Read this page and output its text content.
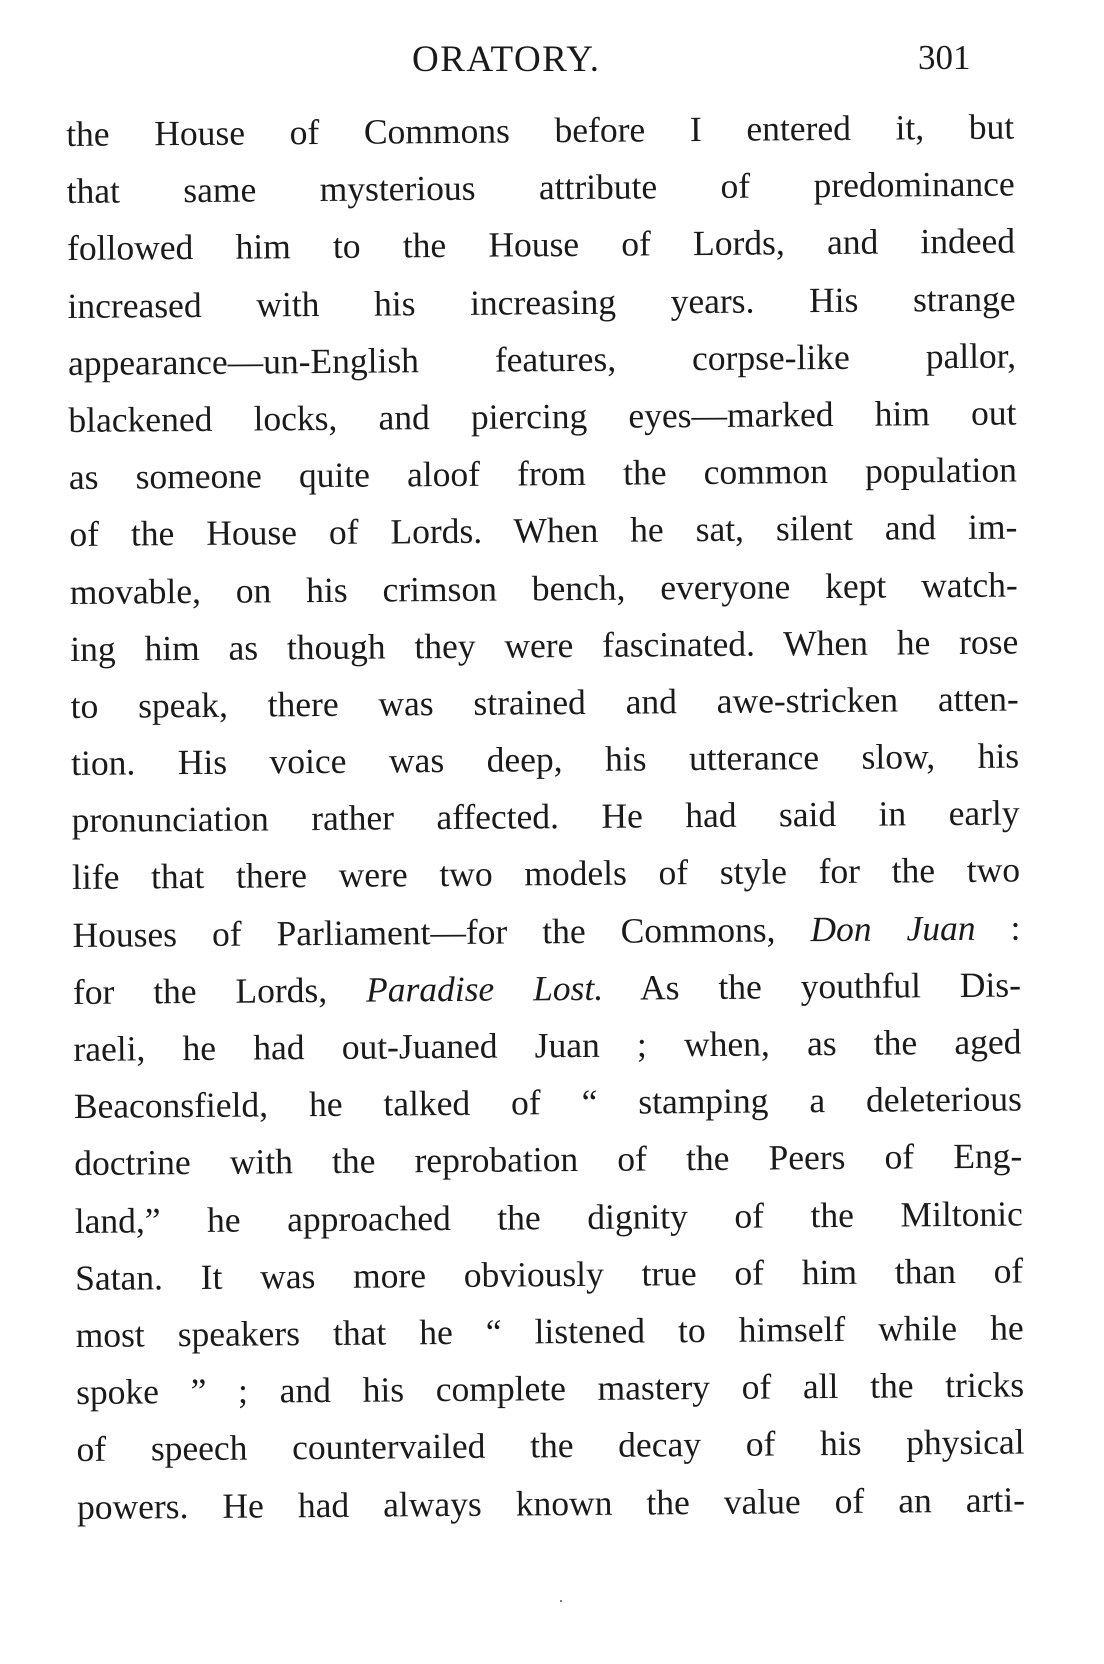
ORATORY.	301
the House of Commons before I entered it, but
that same mysterious attribute of predominance
followed him to the House of Lords, and indeed
increased with his increasing years. His strange
appearance—un-English features, corpse-like pallor,
blackened locks, and piercing eyes—marked him out
as someone quite aloof from the common population
of the House of Lords. When he sat, silent and im-
movable, on his crimson bench, everyone kept watch-
ing him as though they were fascinated. When he rose
to speak, there was strained and awe-stricken atten-
tion. His voice was deep, his utterance slow, his
pronunciation rather affected. He had said in early
life that there were two models of style for the two
Houses of Parliament—for the Commons, Don Juan :
for the Lords, Paradise Lost. As the youthful Dis-
raeli, he had out-Juaned Juan ; when, as the aged
Beaconsfield, he talked of “ stamping a deleterious
doctrine with the reprobation of the Peers of Eng-
land,” he approached the dignity of the Miltonic
Satan. It was more obviously true of him than of
most speakers that he “ listened to himself while he
spoke ” ; and his complete mastery of all the tricks
of speech countervailed the decay of his physical
powers. He had always known the value of an arti-
